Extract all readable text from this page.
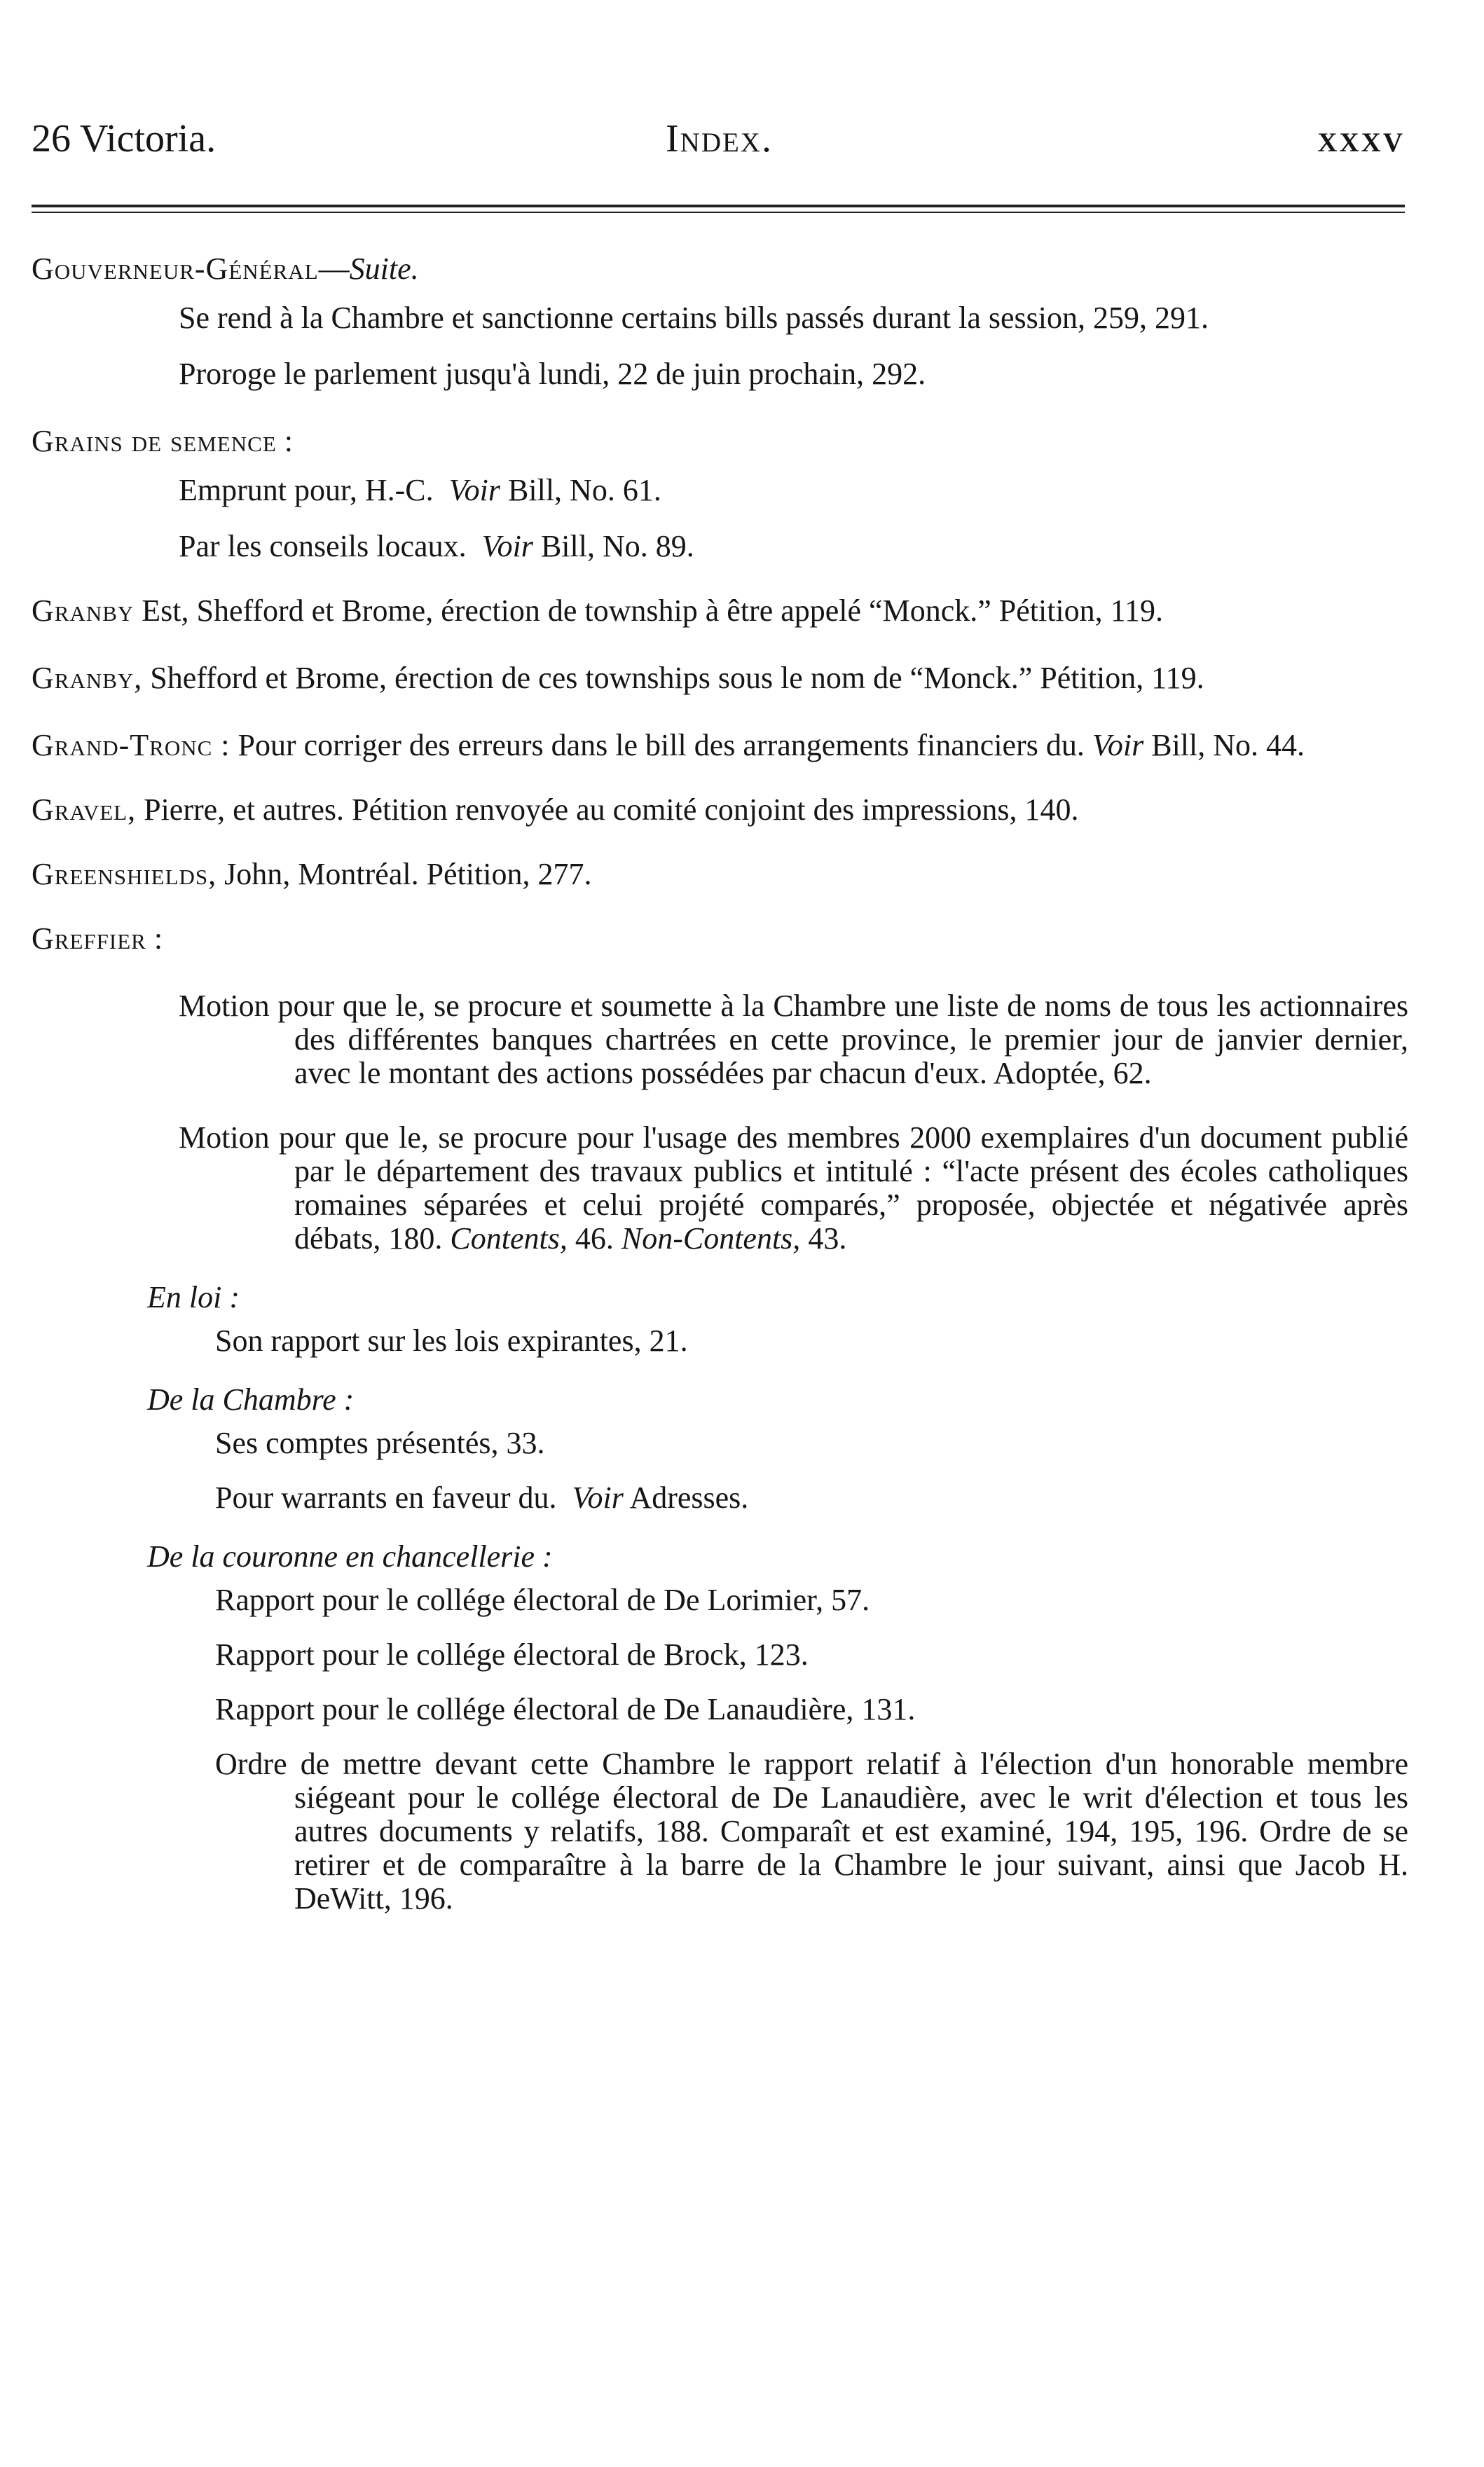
26 Victoria.	Index.	xxxv

Gouverneur-Général—Suite.

Se rend à la Chambre et sanctionne certains bills passés durant la session, 259, 291.

Proroge le parlement jusqu'à lundi, 22 de juin prochain, 292.

Grains de semence :

Emprunt pour, H.-C. Voir Bill, No. 61.

Par les conseils locaux. Voir Bill, No. 89.

Granby Est, Shefford et Brome, érection de township à être appelé “Monck.” Pétition, 119.

Granby, Shefford et Brome, érection de ces townships sous le nom de “Monck.” Pétition, 119.

Grand-Tronc : Pour corriger des erreurs dans le bill des arrangements financiers du. Voir Bill, No. 44.

Gravel, Pierre, et autres. Pétition renvoyée au comité conjoint des impressions, 140.

Greenshields, John, Montréal. Pétition, 277.

Greffier :

Motion pour que le, se procure et soumette à la Chambre une liste de noms de tous les actionnaires des différentes banques chartrées en cette province, le premier jour de janvier dernier, avec le montant des actions possédées par chacun d'eux. Adoptée, 62.

Motion pour que le, se procure pour l'usage des membres 2000 exemplaires d'un document publié par le département des travaux publics et intitulé : “l'acte présent des écoles catholiques romaines séparées et celui projété comparés,” proposée, objectée et négativée après débats, 180. Contents, 46. Non-Contents, 43.

En loi :

Son rapport sur les lois expirantes, 21.

De la Chambre :

Ses comptes présentés, 33.

Pour warrants en faveur du. Voir Adresses.

De la couronne en chancellerie :

Rapport pour le collége électoral de De Lorimier, 57.

Rapport pour le collége électoral de Brock, 123.

Rapport pour le collége électoral de De Lanaudière, 131.

Ordre de mettre devant cette Chambre le rapport relatif à l'élection d'un honorable membre siégeant pour le collége électoral de De Lanaudière, avec le writ d'élection et tous les autres documents y relatifs, 188. Comparaît et est examiné, 194, 195, 196. Ordre de se retirer et de comparaître à la barre de la Chambre le jour suivant, ainsi que Jacob H. DeWitt, 196.
